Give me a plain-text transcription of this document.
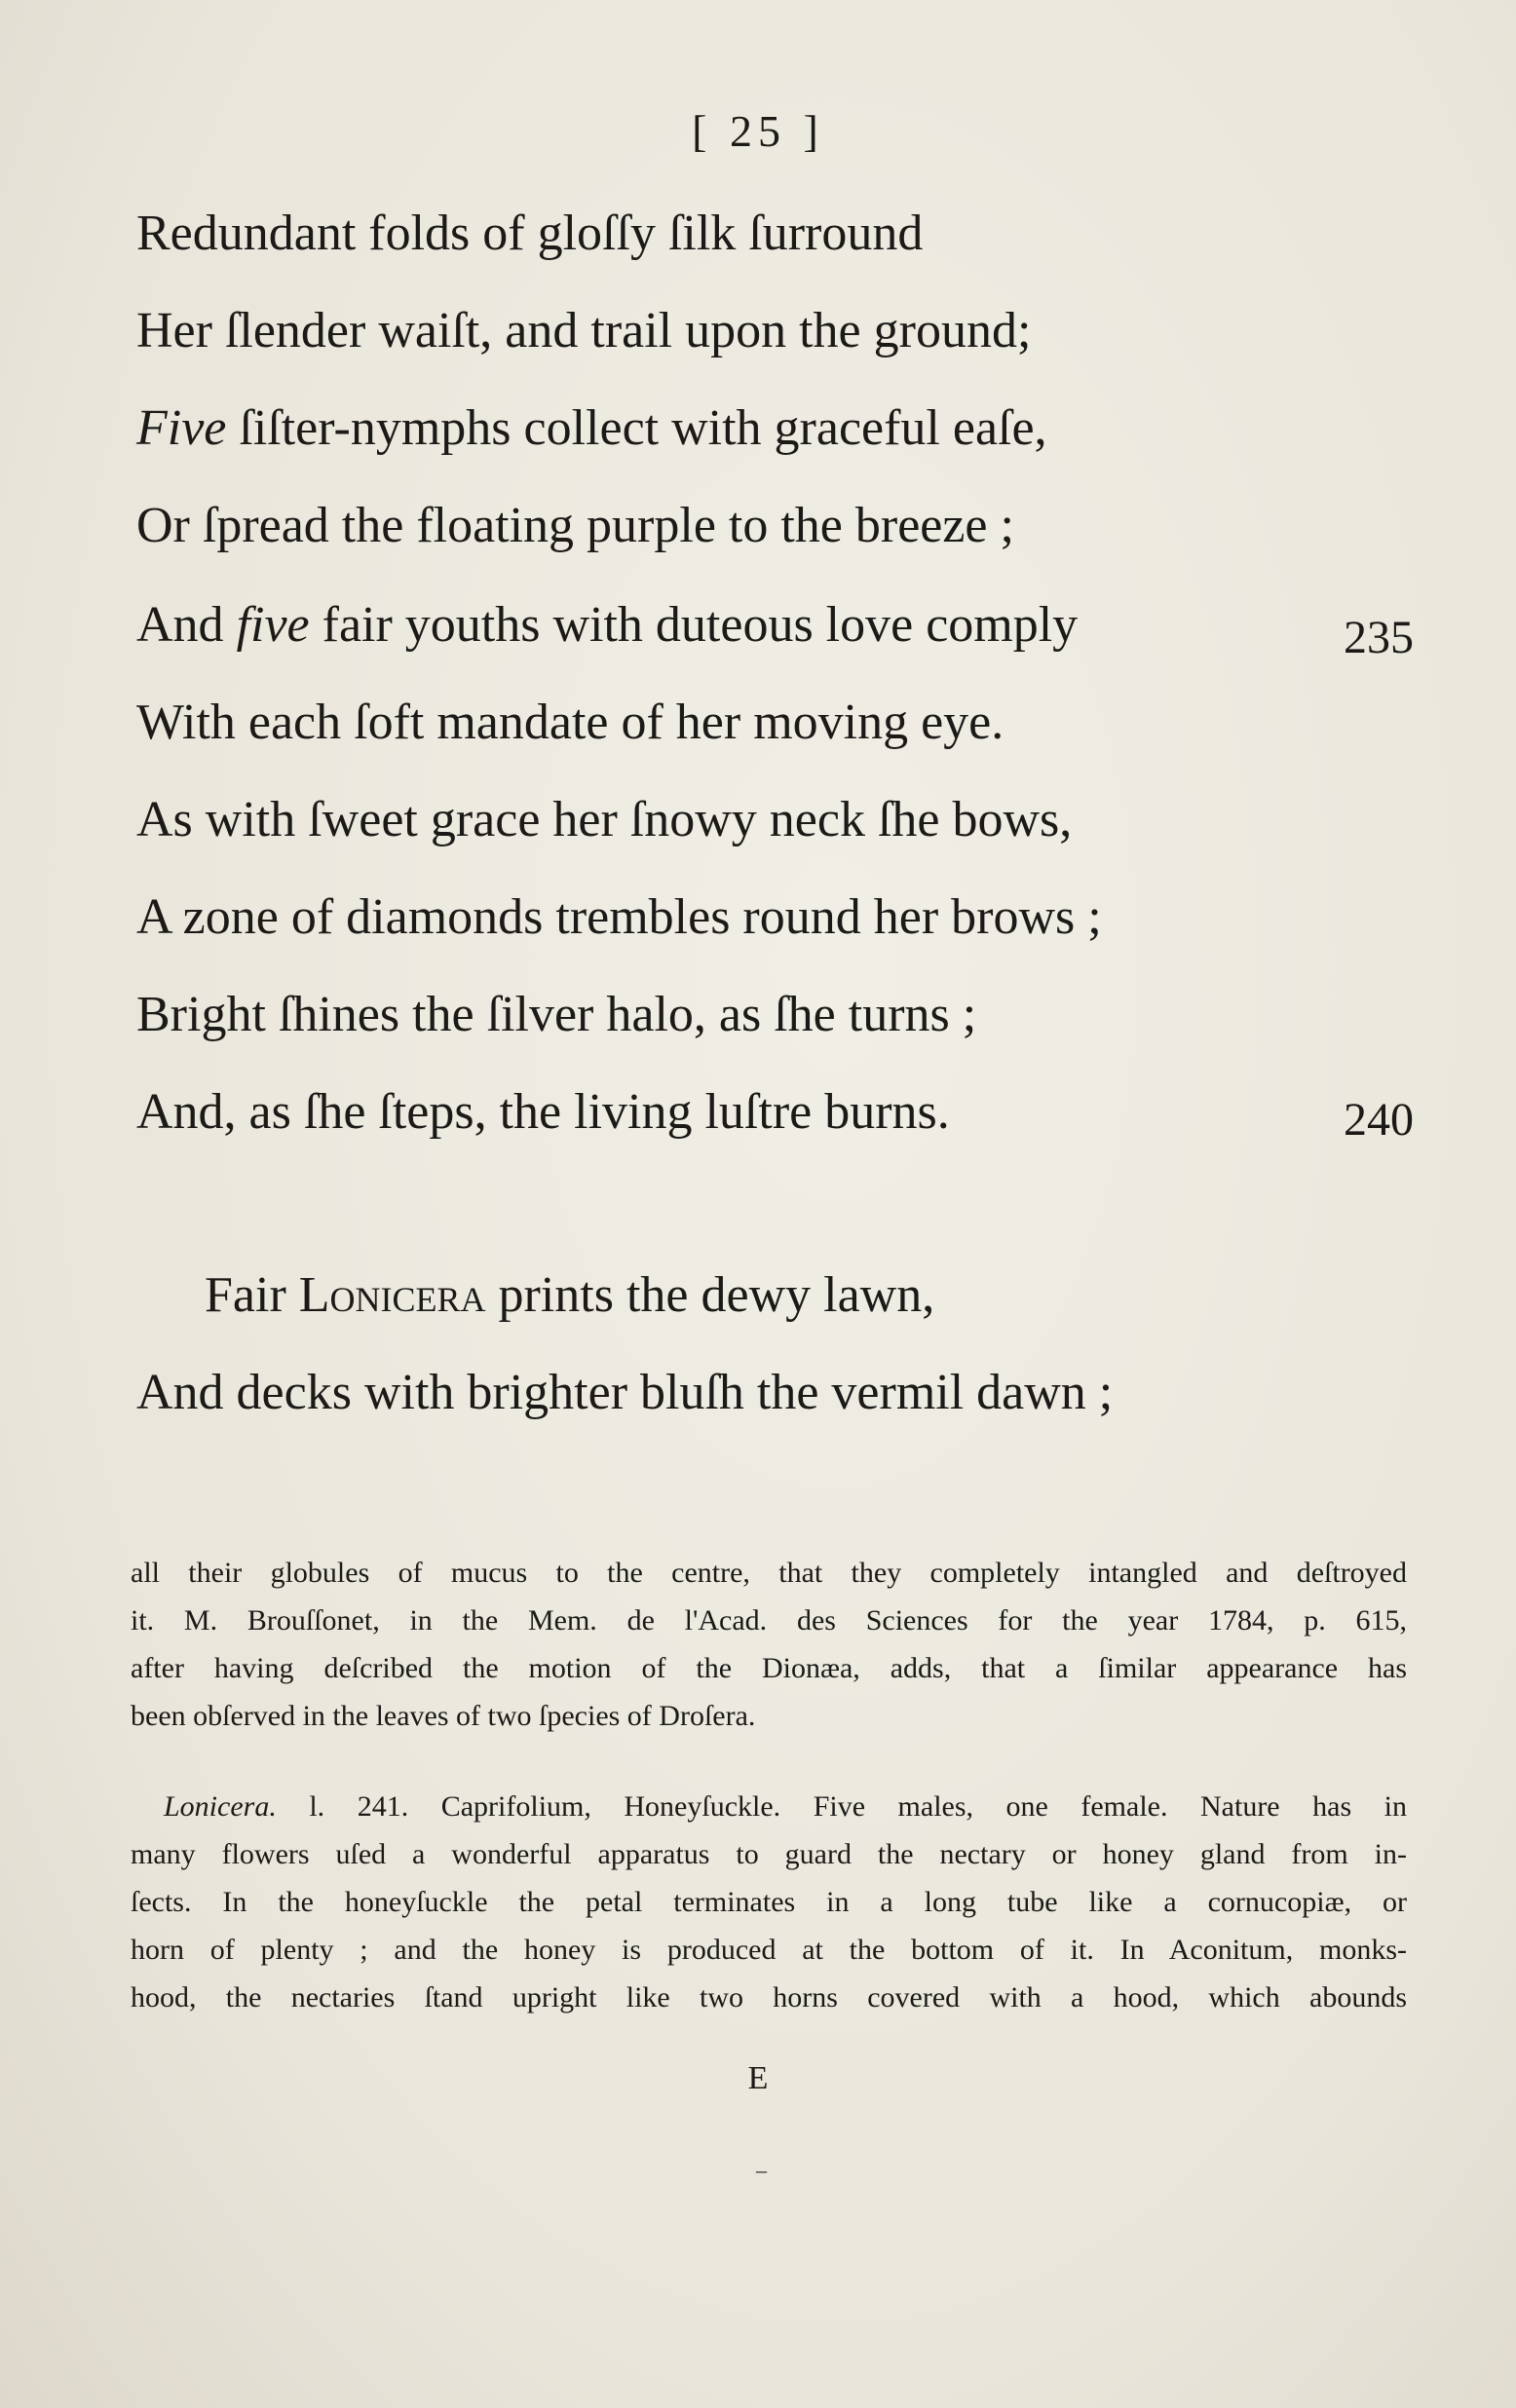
[ 25 ]
Redundant folds of gloſſy ſilk ſurround
Her ſlender waiſt, and trail upon the ground;
Five ſiſter-nymphs collect with graceful eaſe,
Or ſpread the floating purple to the breeze ;
And five fair youths with duteous love comply	235
With each ſoft mandate of her moving eye.
As with ſweet grace her ſnowy neck ſhe bows,
A zone of diamonds trembles round her brows ;
Bright ſhines the ſilver halo, as ſhe turns ;
And, as ſhe ſteps, the living luſtre burns.	240
Fair Lonicera prints the dewy lawn,
And decks with brighter bluſh the vermil dawn ;
all their globules of mucus to the centre, that they completely intangled and deſtroyed
it. M. Brouſſonet, in the Mem. de l'Acad. des Sciences for the year 1784, p. 615,
after having deſcribed the motion of the Dionæa, adds, that a ſimilar appearance has
been obſerved in the leaves of two ſpecies of Droſera.
Lonicera. l. 241. Caprifolium, Honeyſuckle. Five males, one female. Nature has in
many flowers uſed a wonderful apparatus to guard the nectary or honey gland from in-
ſects. In the honeyſuckle the petal terminates in a long tube like a cornucopiæ, or
horn of plenty ; and the honey is produced at the bottom of it. In Aconitum, monks-
hood, the nectaries ſtand upright like two horns covered with a hood, which abounds
E
–
